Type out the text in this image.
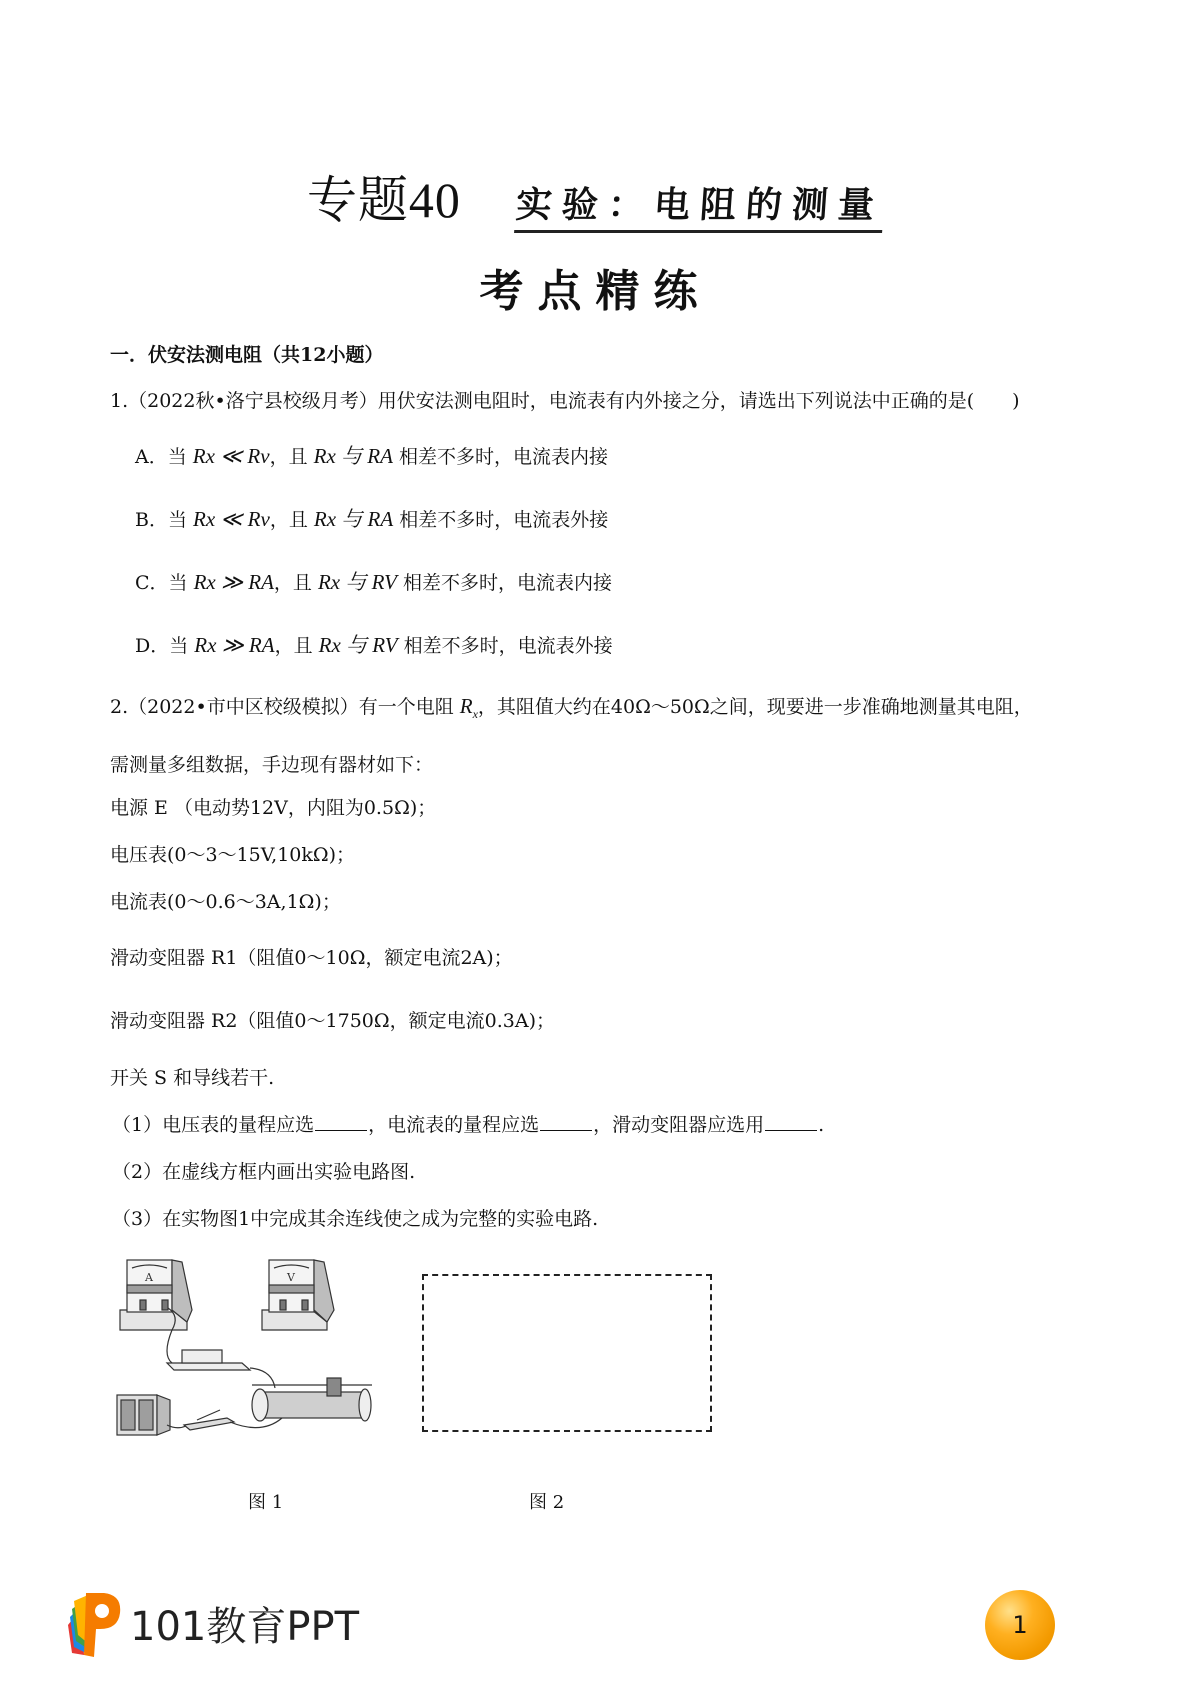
专题40 实验：电阻的测量
考点精练
一．伏安法测电阻（共12小题）
1.（2022秋•洛宁县校级月考）用伏安法测电阻时，电流表有内外接之分，请选出下列说法中正确的是(　　)
A．当 Rx ≪ Rv，且 Rx 与 RA 相差不多时，电流表内接
B．当 Rx ≪ Rv，且 Rx 与 RA 相差不多时，电流表外接
C．当 Rx ≫ RA，且 Rx 与 RV 相差不多时，电流表内接
D．当 Rx ≫ RA，且 Rx 与 RV 相差不多时，电流表外接
2.（2022•市中区校级模拟）有一个电阻 $R_x$，其阻值大约在40Ω～50Ω之间，现要进一步准确地测量其电阻，
需测量多组数据，手边现有器材如下：
电源 E （电动势12V，内阻为0.5Ω)；
电压表(0～3～15V,10kΩ)；
电流表(0～0.6～3A,1Ω)；
滑动变阻器 R1（阻值0～10Ω，额定电流2A)；
滑动变阻器 R2（阻值0～1750Ω，额定电流0.3A)；
开关 S 和导线若干.
（1）电压表的量程应选	，电流表的量程应选	，滑动变阻器应选用	.
（2）在虚线方框内画出实验电路图.
（3）在实物图1中完成其余连线使之成为完整的实验电路.
A	V
图 1	图 2
101教育PPT	1
